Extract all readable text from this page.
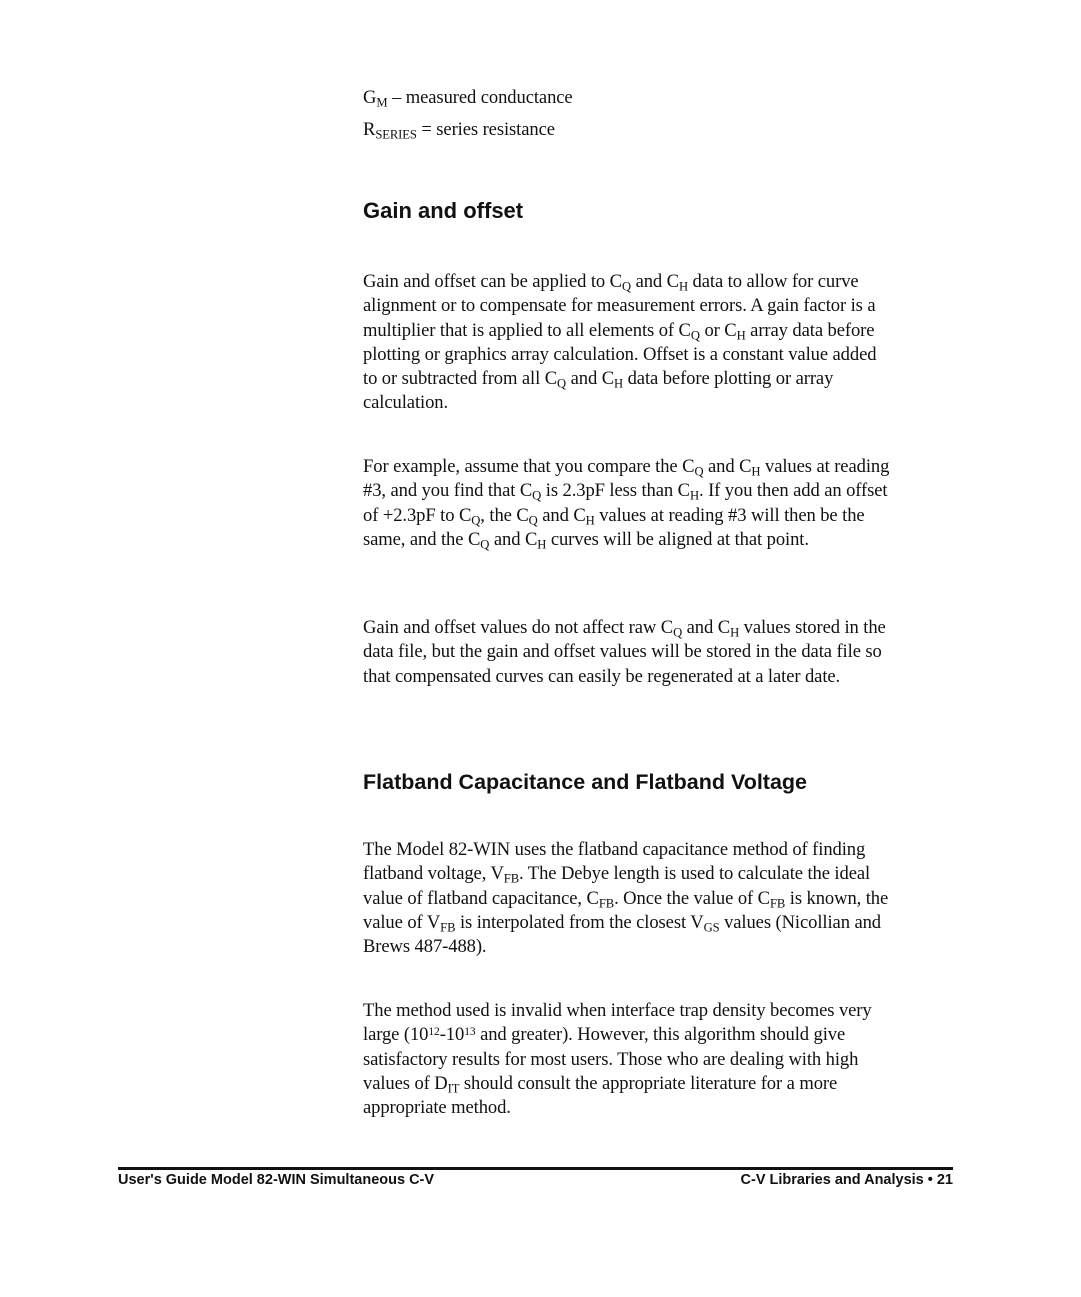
$G_M$ – measured conductance

$R_{SERIES}$ = series resistance

Gain and offset

Gain and offset can be applied to $C_Q$ and $C_H$ data to allow for curve alignment or to compensate for measurement errors. A gain factor is a multiplier that is applied to all elements of $C_Q$ or $C_H$ array data before plotting or graphics array calculation. Offset is a constant value added to or subtracted from all $C_Q$ and $C_H$ data before plotting or array calculation.

For example, assume that you compare the $C_Q$ and $C_H$ values at reading #3, and you find that $C_Q$ is 2.3pF less than $C_H$. If you then add an offset of +2.3pF to $C_Q$, the $C_Q$ and $C_H$ values at reading #3 will then be the same, and the $C_Q$ and $C_H$ curves will be aligned at that point.

Gain and offset values do not affect raw $C_Q$ and $C_H$ values stored in the data file, but the gain and offset values will be stored in the data file so that compensated curves can easily be regenerated at a later date.

Flatband Capacitance and Flatband Voltage

The Model 82-WIN uses the flatband capacitance method of finding flatband voltage, $V_{FB}$. The Debye length is used to calculate the ideal value of flatband capacitance, $C_{FB}$. Once the value of $C_{FB}$ is known, the value of $V_{FB}$ is interpolated from the closest $V_{GS}$ values (Nicollian and Brews 487-488).

The method used is invalid when interface trap density becomes very large ($10^{12}-10^{13}$ and greater). However, this algorithm should give satisfactory results for most users. Those who are dealing with high values of $D_{IT}$ should consult the appropriate literature for a more appropriate method.

User's Guide Model 82-WIN Simultaneous C-V	C-V Libraries and Analysis • 21
